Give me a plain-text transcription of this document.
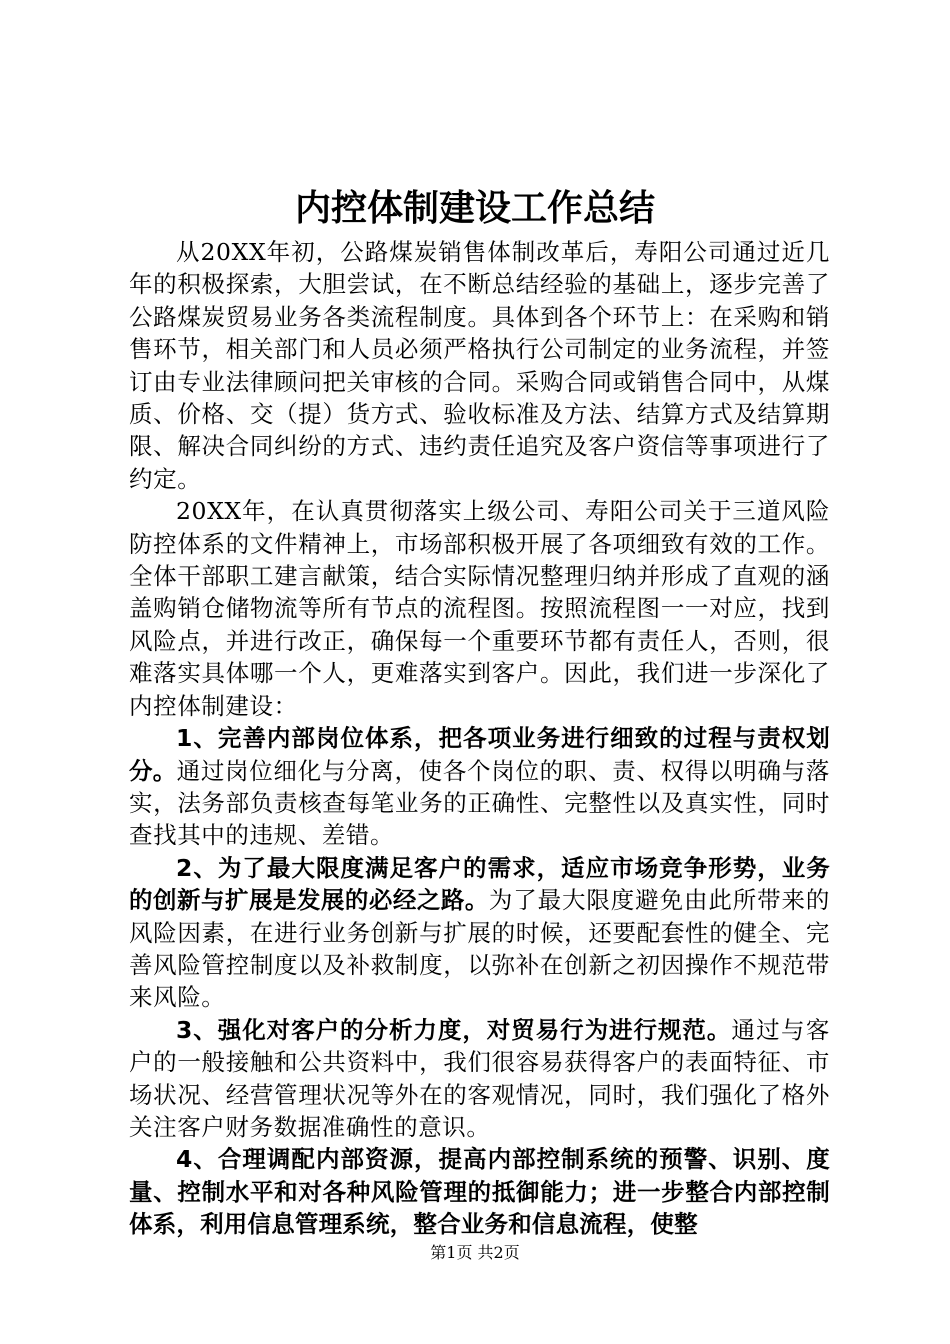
内控体制建设工作总结

从20XX年初，公路煤炭销售体制改革后，寿阳公司通过近几年的积极探索，大胆尝试，在不断总结经验的基础上，逐步完善了公路煤炭贸易业务各类流程制度。具体到各个环节上：在采购和销售环节，相关部门和人员必须严格执行公司制定的业务流程，并签订由专业法律顾问把关审核的合同。采购合同或销售合同中，从煤质、价格、交（提）货方式、验收标准及方法、结算方式及结算期限、解决合同纠纷的方式、违约责任追究及客户资信等事项进行了约定。

20XX年，在认真贯彻落实上级公司、寿阳公司关于三道风险防控体系的文件精神上，市场部积极开展了各项细致有效的工作。全体干部职工建言献策，结合实际情况整理归纳并形成了直观的涵盖购销仓储物流等所有节点的流程图。按照流程图一一对应，找到风险点，并进行改正，确保每一个重要环节都有责任人，否则，很难落实具体哪一个人，更难落实到客户。因此，我们进一步深化了内控体制建设：

1、完善内部岗位体系，把各项业务进行细致的过程与责权划分。通过岗位细化与分离，使各个岗位的职、责、权得以明确与落实，法务部负责核查每笔业务的正确性、完整性以及真实性，同时查找其中的违规、差错。

2、为了最大限度满足客户的需求，适应市场竞争形势，业务的创新与扩展是发展的必经之路。为了最大限度避免由此所带来的风险因素，在进行业务创新与扩展的时候，还要配套性的健全、完善风险管控制度以及补救制度，以弥补在创新之初因操作不规范带来风险。

3、强化对客户的分析力度，对贸易行为进行规范。通过与客户的一般接触和公共资料中，我们很容易获得客户的表面特征、市场状况、经营管理状况等外在的客观情况，同时，我们强化了格外关注客户财务数据准确性的意识。

4、合理调配内部资源，提高内部控制系统的预警、识别、度量、控制水平和对各种风险管理的抵御能力；进一步整合内部控制体系，利用信息管理系统，整合业务和信息流程，使整

第1页 共2页
